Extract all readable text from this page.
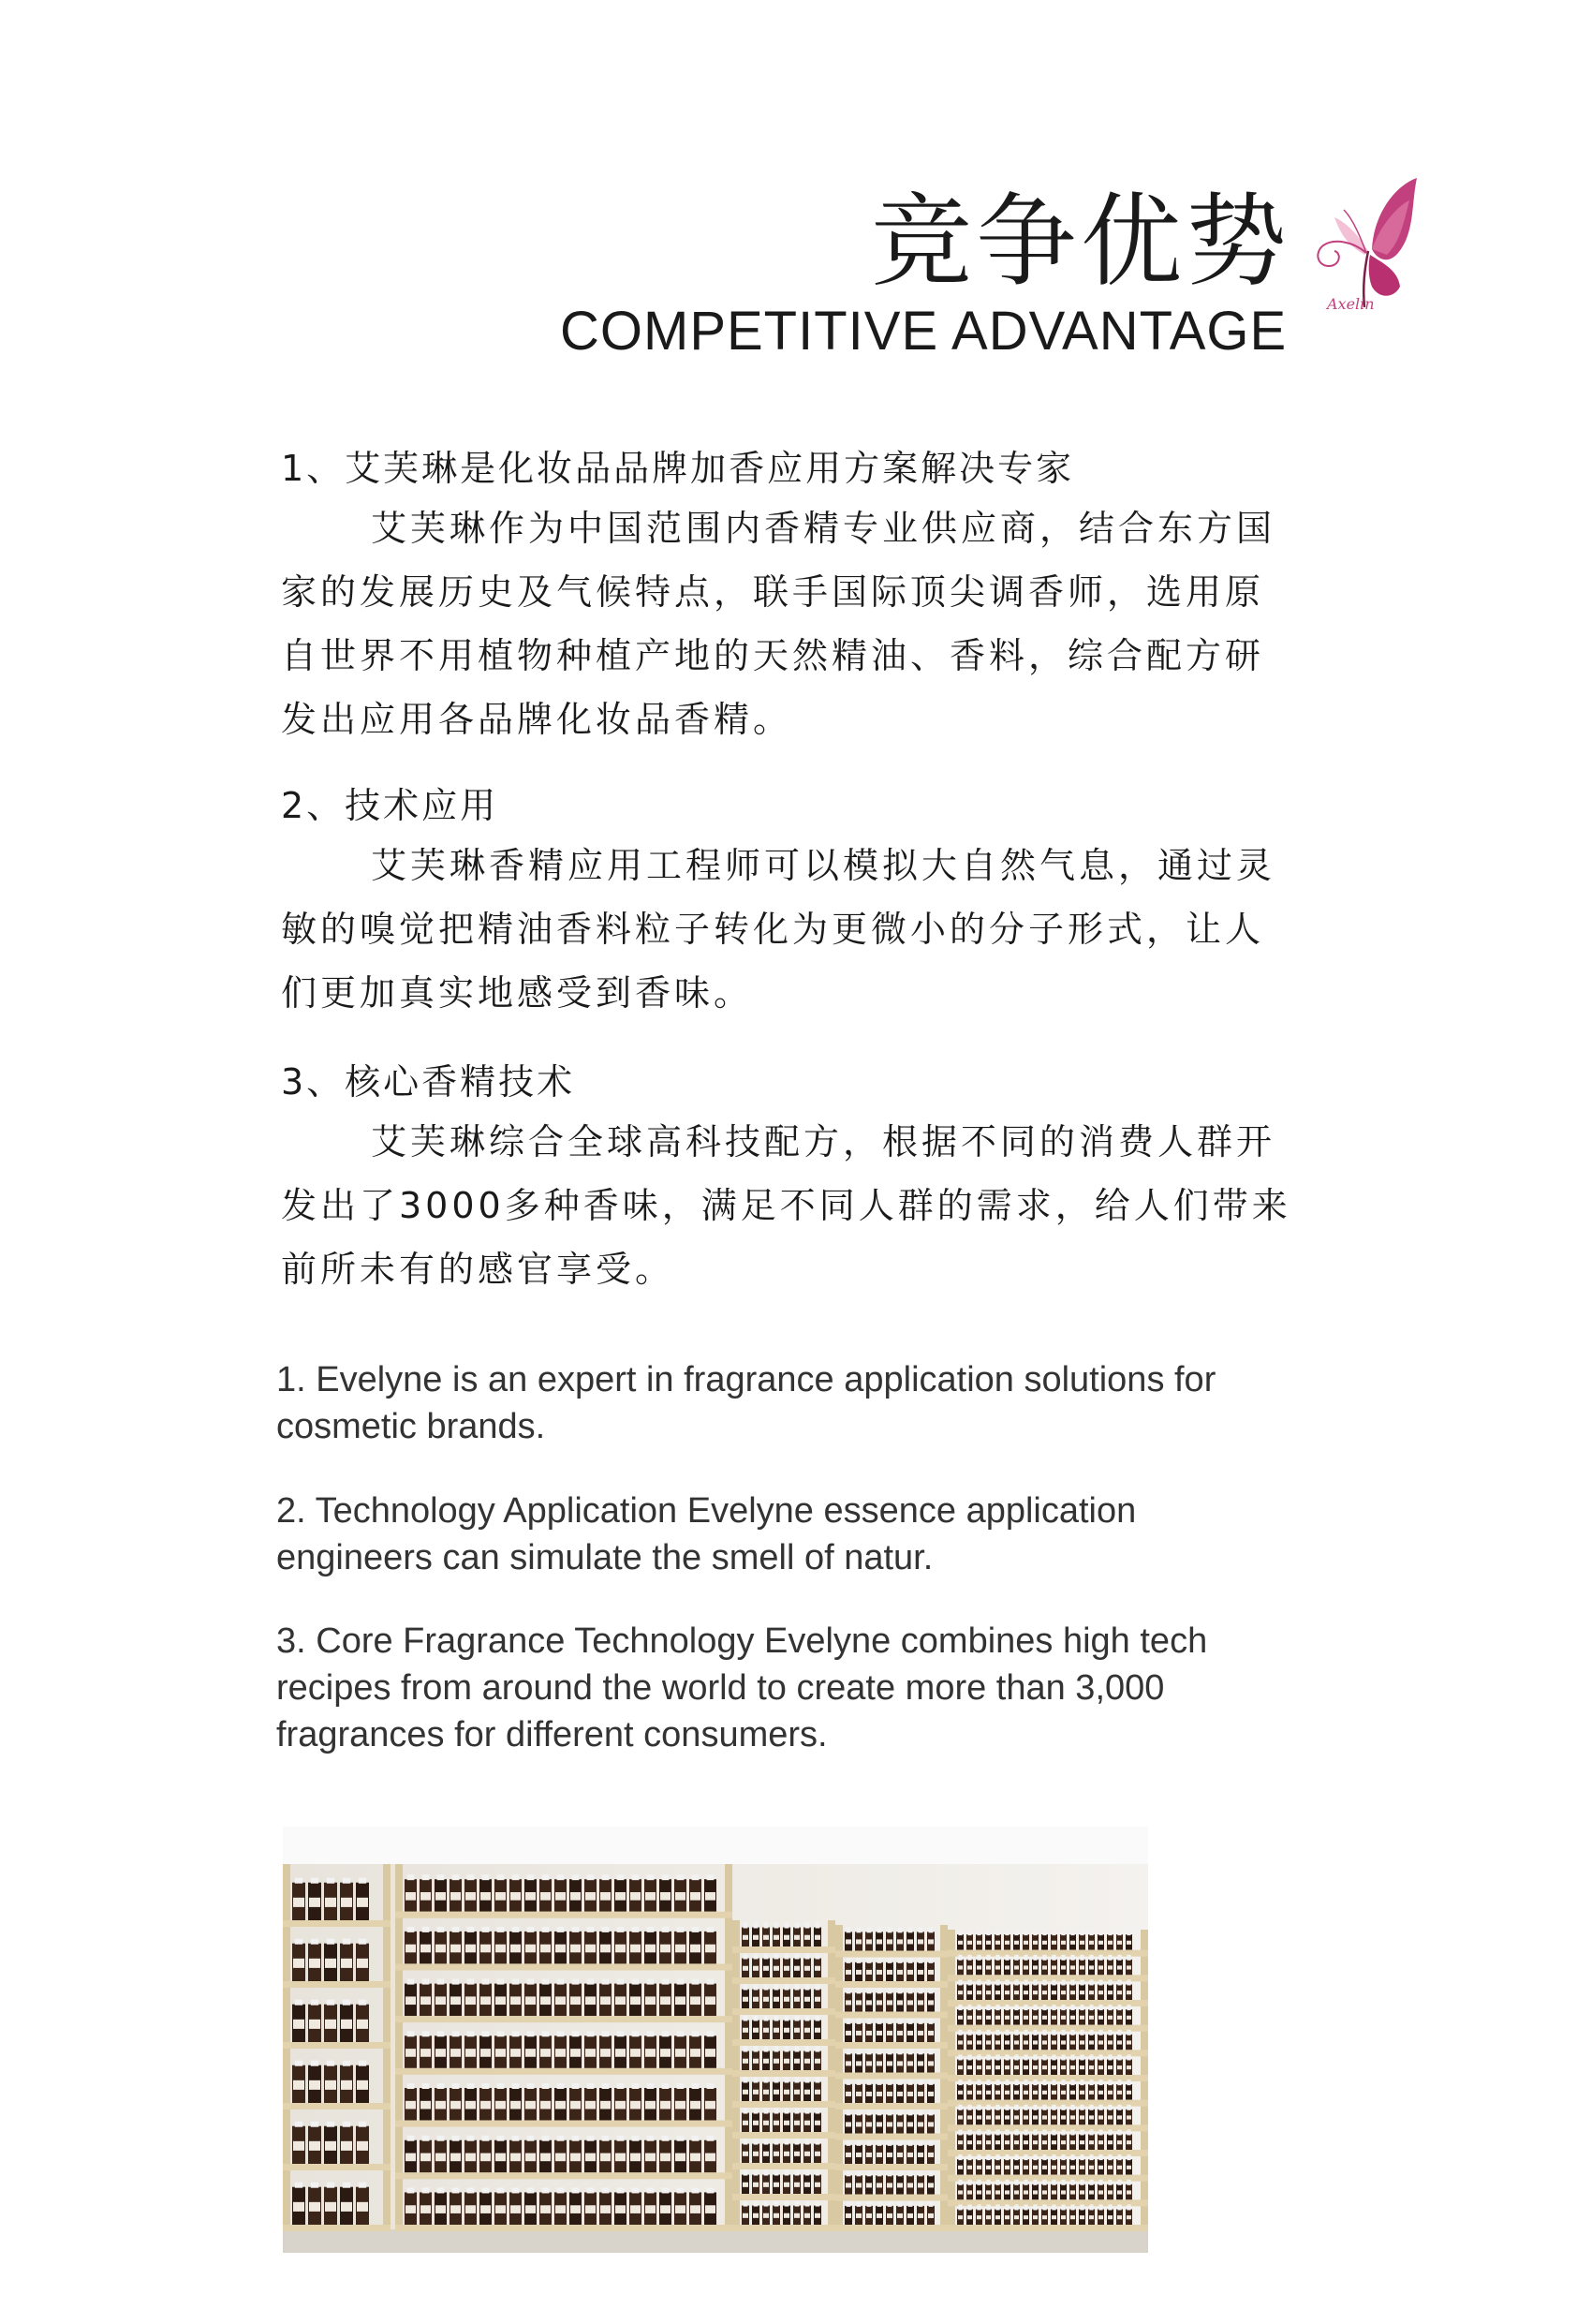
竞争优势
COMPETITIVE ADVANTAGE	Axelin

1、艾芙琳是化妆品品牌加香应用方案解决专家

艾芙琳作为中国范围内香精专业供应商，结合东方国家的发展历史及气候特点，联手国际顶尖调香师，选用原自世界不用植物种植产地的天然精油、香料，综合配方研发出应用各品牌化妆品香精。

2、技术应用

艾芙琳香精应用工程师可以模拟大自然气息，通过灵敏的嗅觉把精油香料粒子转化为更微小的分子形式，让人们更加真实地感受到香味。

3、核心香精技术

艾芙琳综合全球高科技配方，根据不同的消费人群开发出了3000多种香味，满足不同人群的需求，给人们带来前所未有的感官享受。

1. Evelyne is an expert in fragrance application solutions for cosmetic brands.

2. Technology Application Evelyne essence application engineers can simulate the smell of natur.

3. Core Fragrance Technology Evelyne combines high tech recipes from around the world to create more than 3,000 fragrances for different consumers.
